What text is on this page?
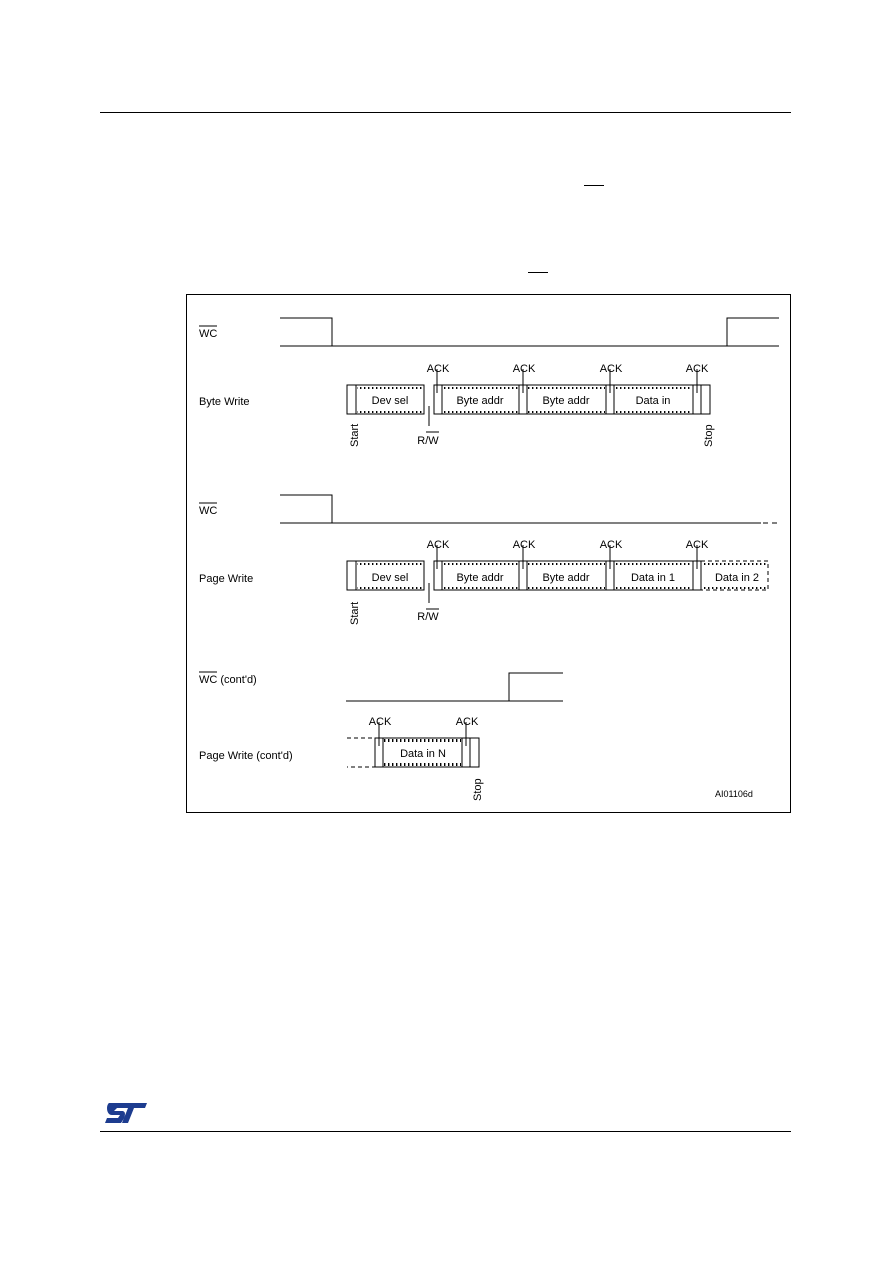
WC
Byte Write	Dev sel	Byte addr	Byte addr	Data in
ACK	ACK	ACK	ACK
R/W
Start	Stop
WC
Page Write	Dev sel	Byte addr	Byte addr	Data in 1	Data in 2
ACK	ACK	ACK	ACK
R/W
Start
WC (cont'd)
Page Write (cont'd)	Data in N
ACK	ACK
Stop	AI01106d
